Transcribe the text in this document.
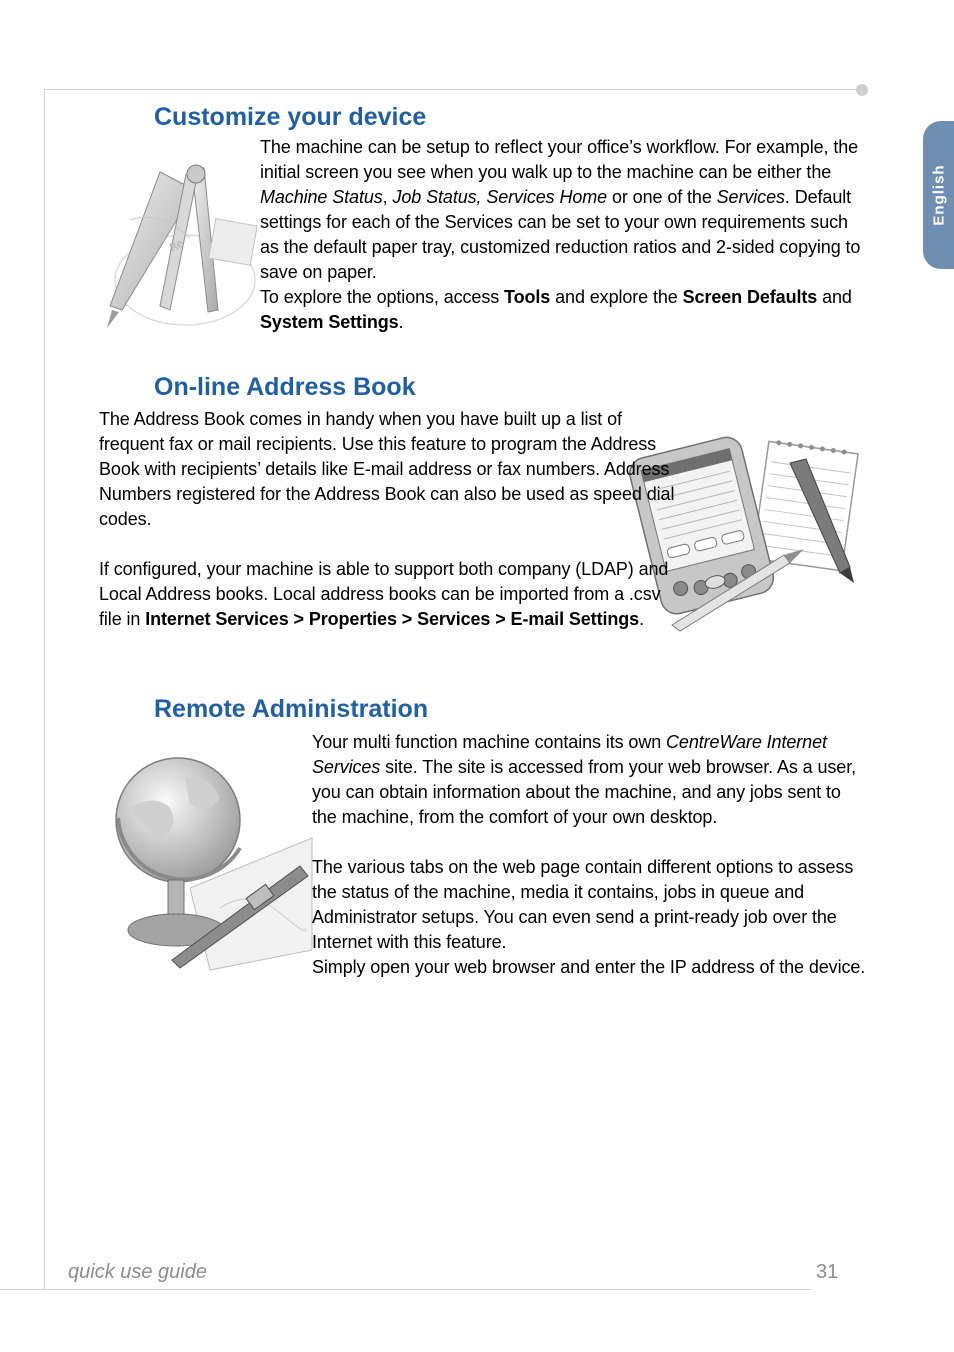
English
Customize your device
Re
The machine can be setup to reflect your office’s workflow. For example, the initial screen you see when you walk up to the machine can be either the Machine Status, Job Status, Services Home or one of the Services. Default settings for each of the Services can be set to your own requirements such as the default paper tray, customized reduction ratios and 2-sided copying to save on paper.
To explore the options, access Tools and explore the Screen Defaults and System Settings.
On-line Address Book
The Address Book comes in handy when you have built up a list of frequent fax or mail recipients. Use this feature to program the Address Book with recipients’ details like E-mail address or fax numbers. Address Numbers registered for the Address Book can also be used as speed dial codes.
If configured, your machine is able to support both company (LDAP) and Local Address books. Local address books can be imported from a .csv file in Internet Services > Properties > Services > E-mail Settings.
Remote Administration
Your multi function machine contains its own CentreWare Internet Services site. The site is accessed from your web browser. As a user, you can obtain information about the machine, and any jobs sent to the machine, from the comfort of your own desktop.
The various tabs on the web page contain different options to assess the status of the machine, media it contains, jobs in queue and Administrator setups. You can even send a print-ready job over the Internet with this feature.
Simply open your web browser and enter the IP address of the device.
quick use guide	31
